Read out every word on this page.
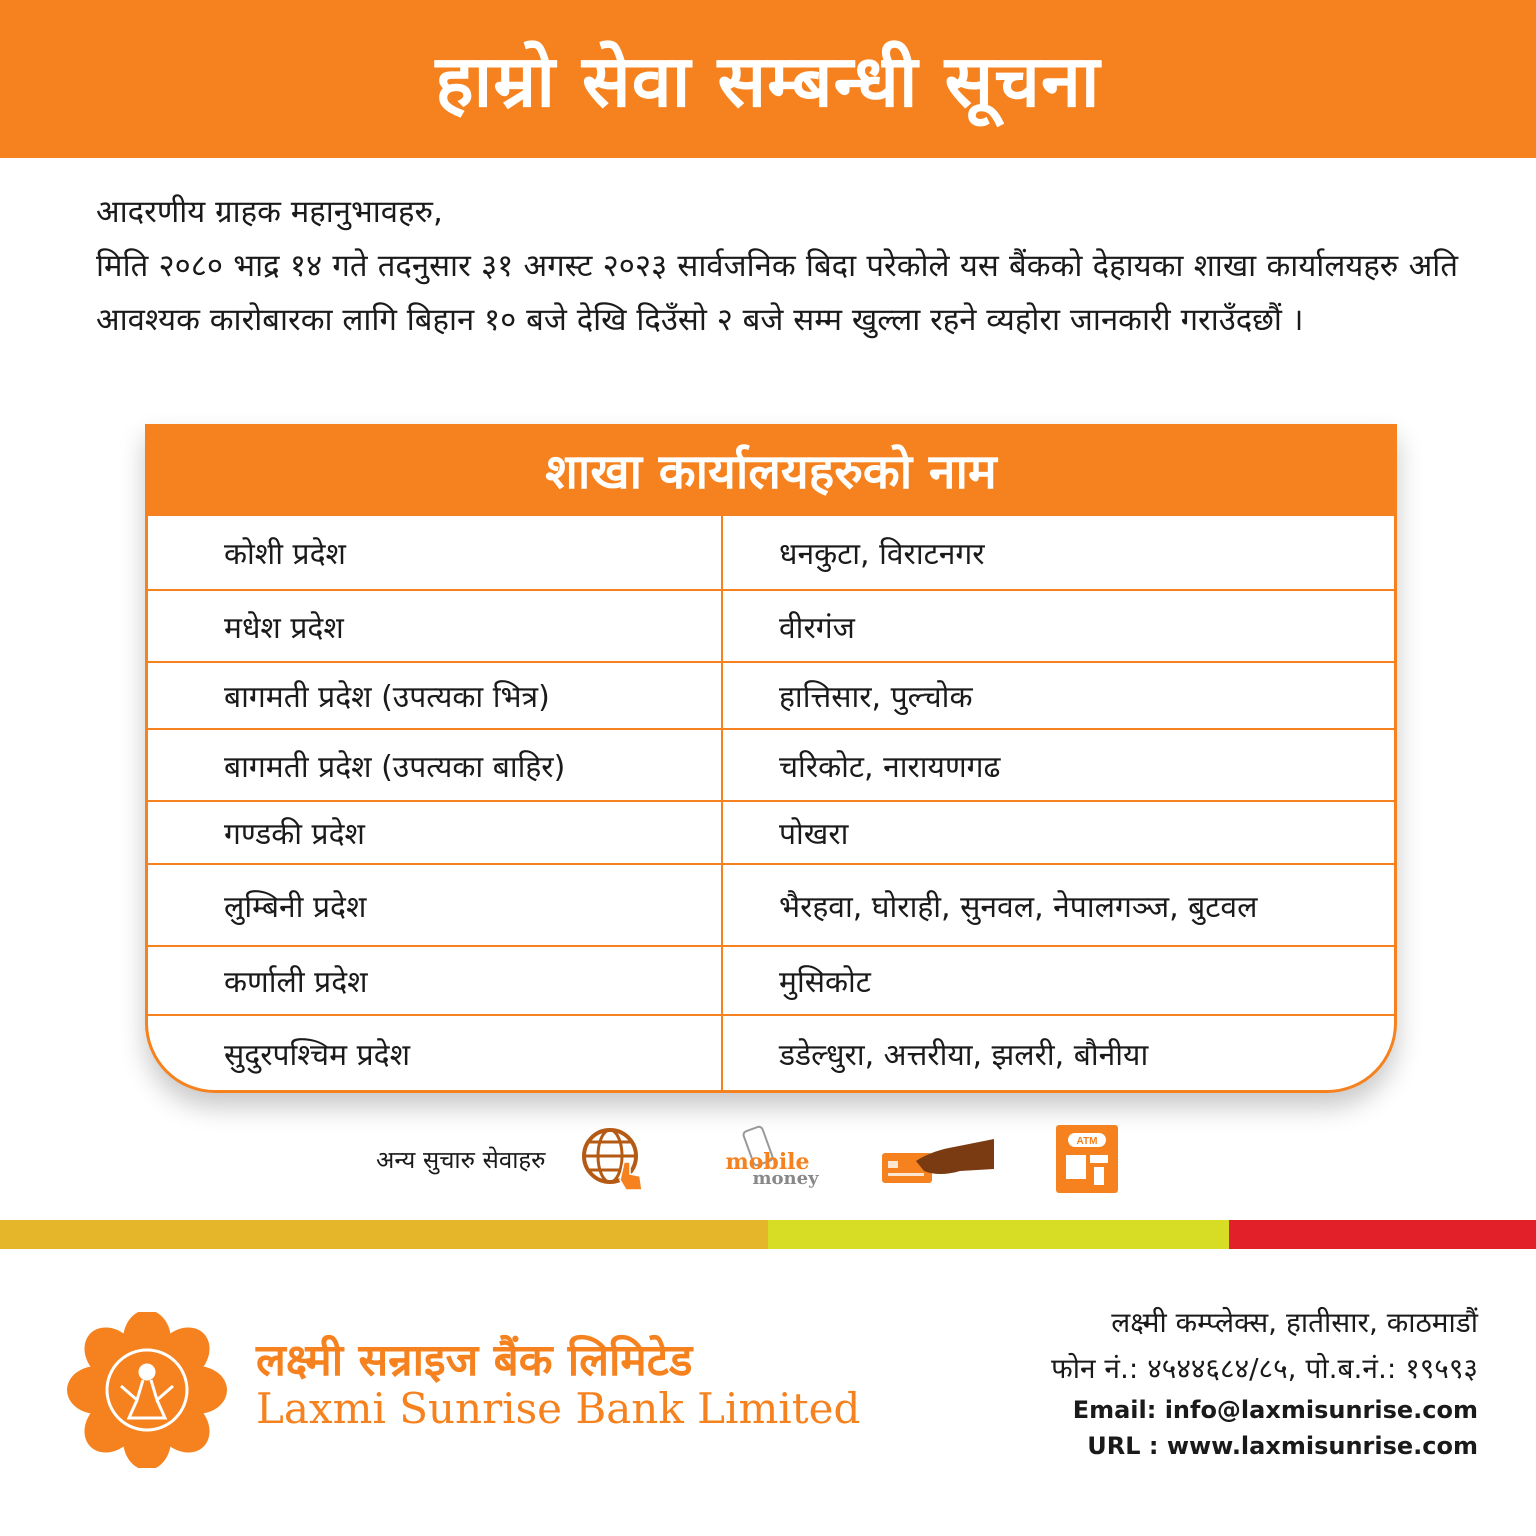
हाम्रो सेवा सम्बन्धी सूचना

आदरणीय ग्राहक महानुभावहरु,

मिति २०८० भाद्र १४ गते तदनुसार ३१ अगस्ट २०२३ सार्वजनिक बिदा परेकोले यस बैंकको देहायका शाखा कार्यालयहरु अति आवश्यक कारोबारका लागि बिहान १० बजे देखि दिउँसो २ बजे सम्म खुल्ला रहने व्यहोरा जानकारी गराउँदछौं ।

शाखा कार्यालयहरुको नाम
कोशी प्रदेश	धनकुटा, विराटनगर
मधेश प्रदेश	वीरगंज
बागमती प्रदेश (उपत्यका भित्र)	हात्तिसार, पुल्चोक
बागमती प्रदेश (उपत्यका बाहिर)	चरिकोट, नारायणगढ
गण्डकी प्रदेश	पोखरा
लुम्बिनी प्रदेश	भैरहवा, घोराही, सुनवल, नेपालगञ्ज, बुटवल
कर्णाली प्रदेश	मुसिकोट
सुदुरपश्चिम प्रदेश	डडेल्धुरा, अत्तरीया, झलरी, बौनीया
अन्य सुचारु सेवाहरु	mobile
money
ATM
लक्ष्मी सन्राइज बैंक लिमिटेड
Laxmi Sunrise Bank Limited
लक्ष्मी कम्प्लेक्स, हातीसार, काठमाडौं
फोन नं.: ४५४४६८४/८५, पो.ब.नं.: १९५९३
Email: info@laxmisunrise.com
URL : www.laxmisunrise.com
